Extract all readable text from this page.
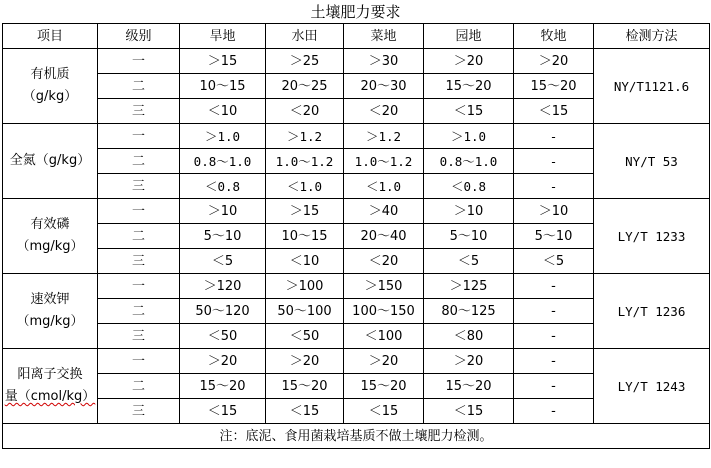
土壤肥力要求
项目	级别	旱地	水田	菜地	园地	牧地	检测方法

有机质
（g/kg）	一	＞15	＞25	＞30	＞20	＞20	NY/T1121.6
	二	10～15	20～25	20～30	15～20	15～20	
	三	＜10	＜20	＜20	＜15	＜15	

全氮（g/kg）	一	＞1.0	＞1.2	＞1.2	＞1.0	-	NY/T 53
	二	0.8～1.0	1.0～1.2	1.0～1.2	0.8～1.0	-	
	三	＜0.8	＜1.0	＜1.0	＜0.8	-	

有效磷
（mg/kg）	一	＞10	＞15	＞40	＞10	＞10	LY/T 1233
	二	5～10	10～15	20～40	5～10	5～10	
	三	＜5	＜10	＜20	＜5	＜5	

速效钾
（mg/kg）	一	＞120	＞100	＞150	＞125	-	LY/T 1236
	二	50～120	50～100	100～150	80～125	-	
	三	＜50	＜50	＜100	＜80	-	

阳离子交换
量（cmol/kg）	一	＞20	＞20	＞20	＞20	-	LY/T 1243
	二	15～20	15～20	15～20	15～20	-	
	三	＜15	＜15	＜15	＜15	-	
注：底泥、食用菌栽培基质不做土壤肥力检测。							
